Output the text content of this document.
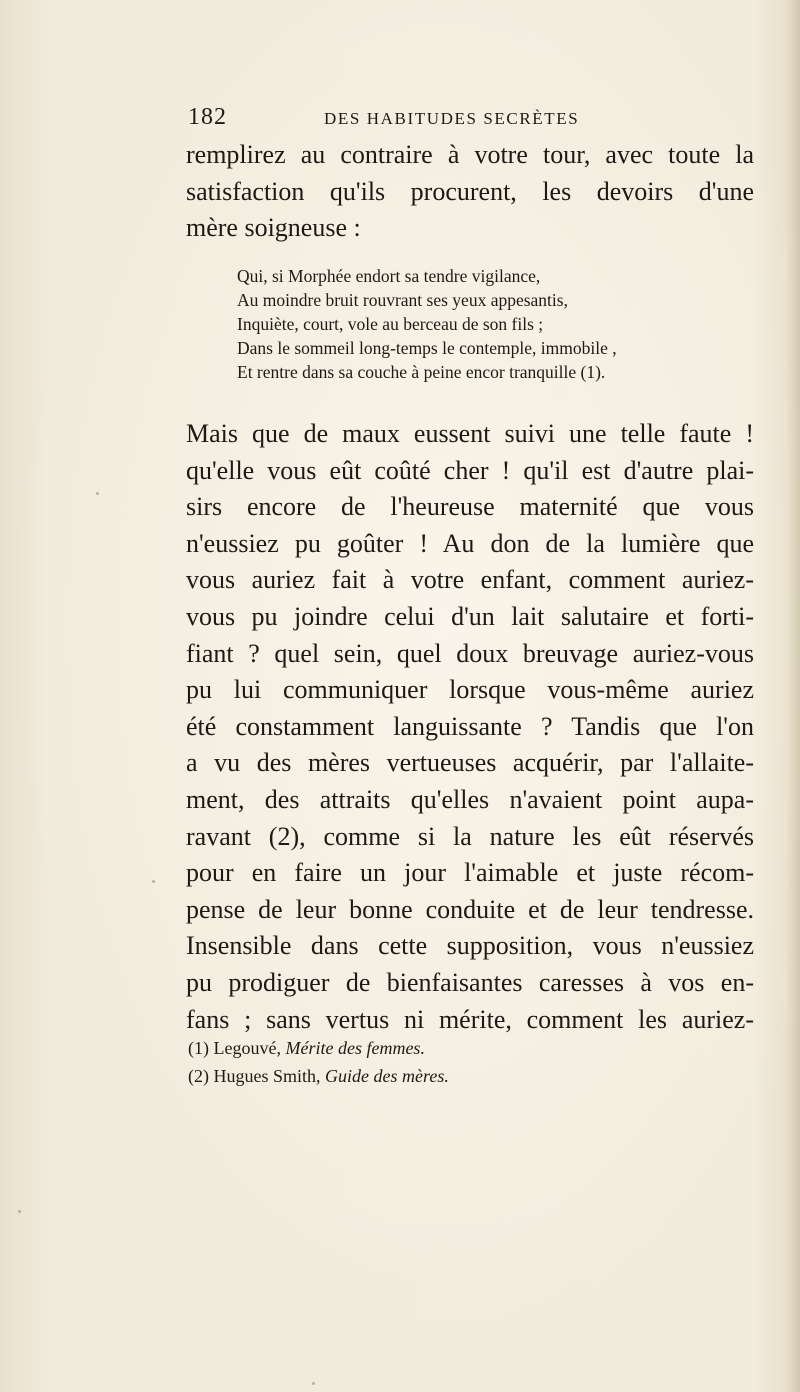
182	DES HABITUDES SECRÈTES

remplirez au contraire à votre tour, avec toute la
satisfaction qu'ils procurent, les devoirs d'une
mère soigneuse :

Qui, si Morphée endort sa tendre vigilance,
Au moindre bruit rouvrant ses yeux appesantis,
Inquiète, court, vole au berceau de son fils ;
Dans le sommeil long-temps le contemple, immobile ,
Et rentre dans sa couche à peine encor tranquille (1).

Mais que de maux eussent suivi une telle faute !
qu'elle vous eût coûté cher ! qu'il est d'autre plai-
sirs encore de l'heureuse maternité que vous
n'eussiez pu goûter ! Au don de la lumière que
vous auriez fait à votre enfant, comment auriez-
vous pu joindre celui d'un lait salutaire et forti-
fiant ? quel sein, quel doux breuvage auriez-vous
pu lui communiquer lorsque vous-même auriez
été constamment languissante ? Tandis que l'on
a vu des mères vertueuses acquérir, par l'allaite-
ment, des attraits qu'elles n'avaient point aupa-
ravant (2), comme si la nature les eût réservés
pour en faire un jour l'aimable et juste récom-
pense de leur bonne conduite et de leur tendresse.
Insensible dans cette supposition, vous n'eussiez
pu prodiguer de bienfaisantes caresses à vos en-
fans ; sans vertus ni mérite, comment les auriez-

(1) Legouvé, Mérite des femmes.
(2) Hugues Smith, Guide des mères.
